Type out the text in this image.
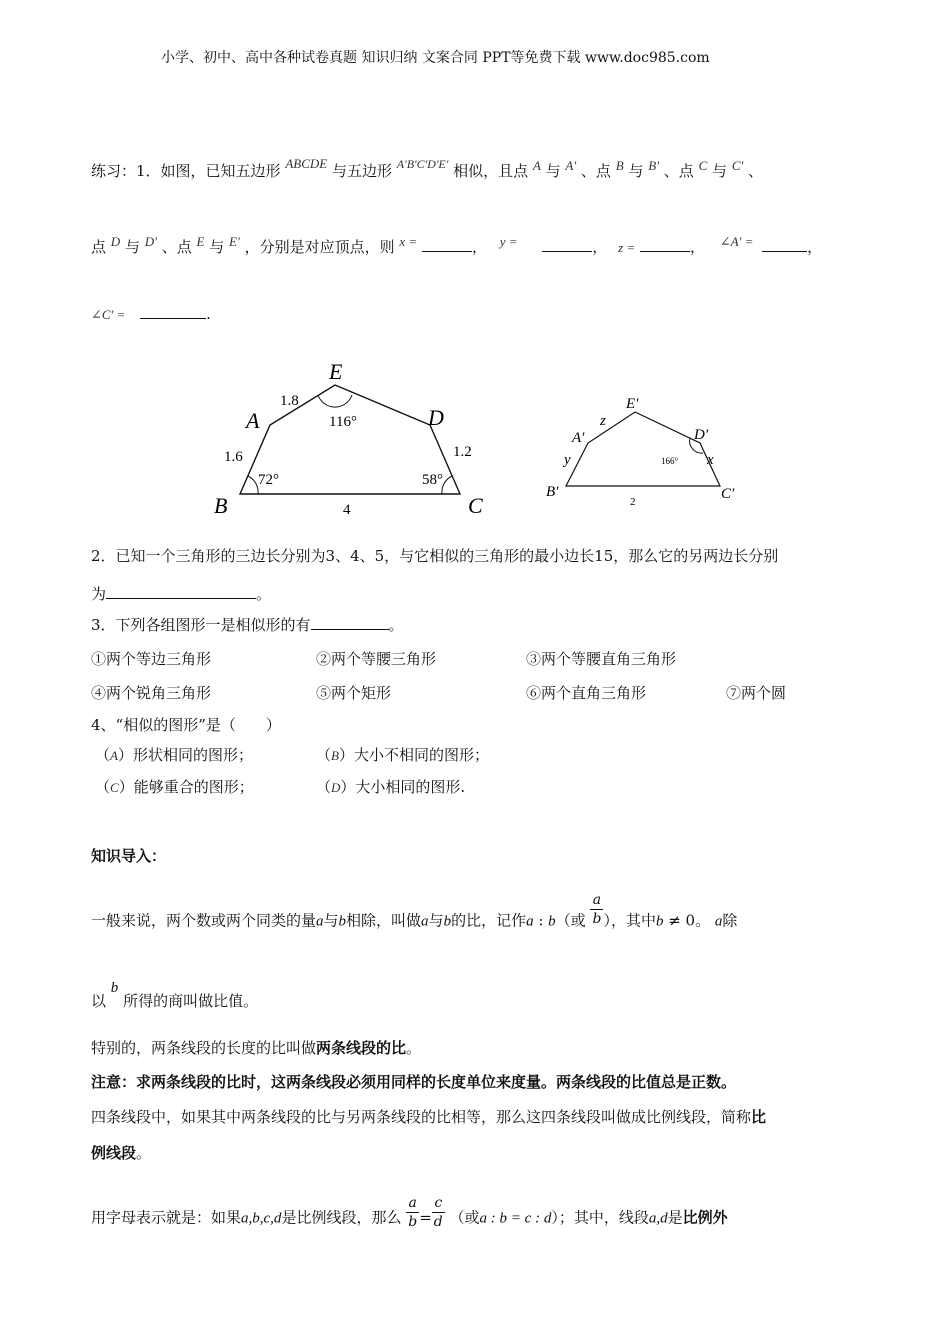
小学、初中、高中各种试卷真题 知识归纳 文案合同 PPT等免费下载 www.doc985.com
练习：1．如图，已知五边形 ABCDE 与五边形 $^{A'B'C'D'E'}$ 相似，且点 A 与 A' 、点 B 与 B' 、点 C 与 C' 、
点 D 与 D' 、点 E 与 E' ，分别是对应顶点，则 x =	， y =	， z =	， ∠A' =	，
∠C' =	.
E
A	D
B	C
1.8
1.6	1.2
4
116°
72°	58°
E′
A′	D′
B′	C′
z
y	x
2
166°
2．已知一个三角形的三边长分别为3、4、5，与它相似的三角形的最小边长15，那么它的另两边长分别
为	。
3．下列各组图形一是相似形的有	。
①两个等边三角形	②两个等腰三角形	③两个等腰直角三角形
④两个锐角三角形	⑤两个矩形	⑥两个直角三角形	⑦两个圆
4、“相似的图形”是（　　）
（A）形状相同的图形；	（B）大小不相同的图形；
（C）能够重合的图形；	（D）大小相同的图形.
知识导入：
一般来说，两个数或两个同类的量a与b相除，叫做a与b的比，记作a : b（或 $\frac{a}{b}$ ），其中b ≠ 0。 a除
以 b 所得的商叫做比值。
特别的，两条线段的长度的比叫做两条线段的比。
注意：求两条线段的比时，这两条线段必须用同样的长度单位来度量。两条线段的比值总是正数。
四条线段中，如果其中两条线段的比与另两条线段的比相等，那么这四条线段叫做成比例线段，简称比
例线段。
用字母表示就是：如果a,b,c,d是比例线段，那么 $\frac{a}{b} = \frac{c}{d}$ （或a : b = c : d）；其中，线段a,d是比例外
